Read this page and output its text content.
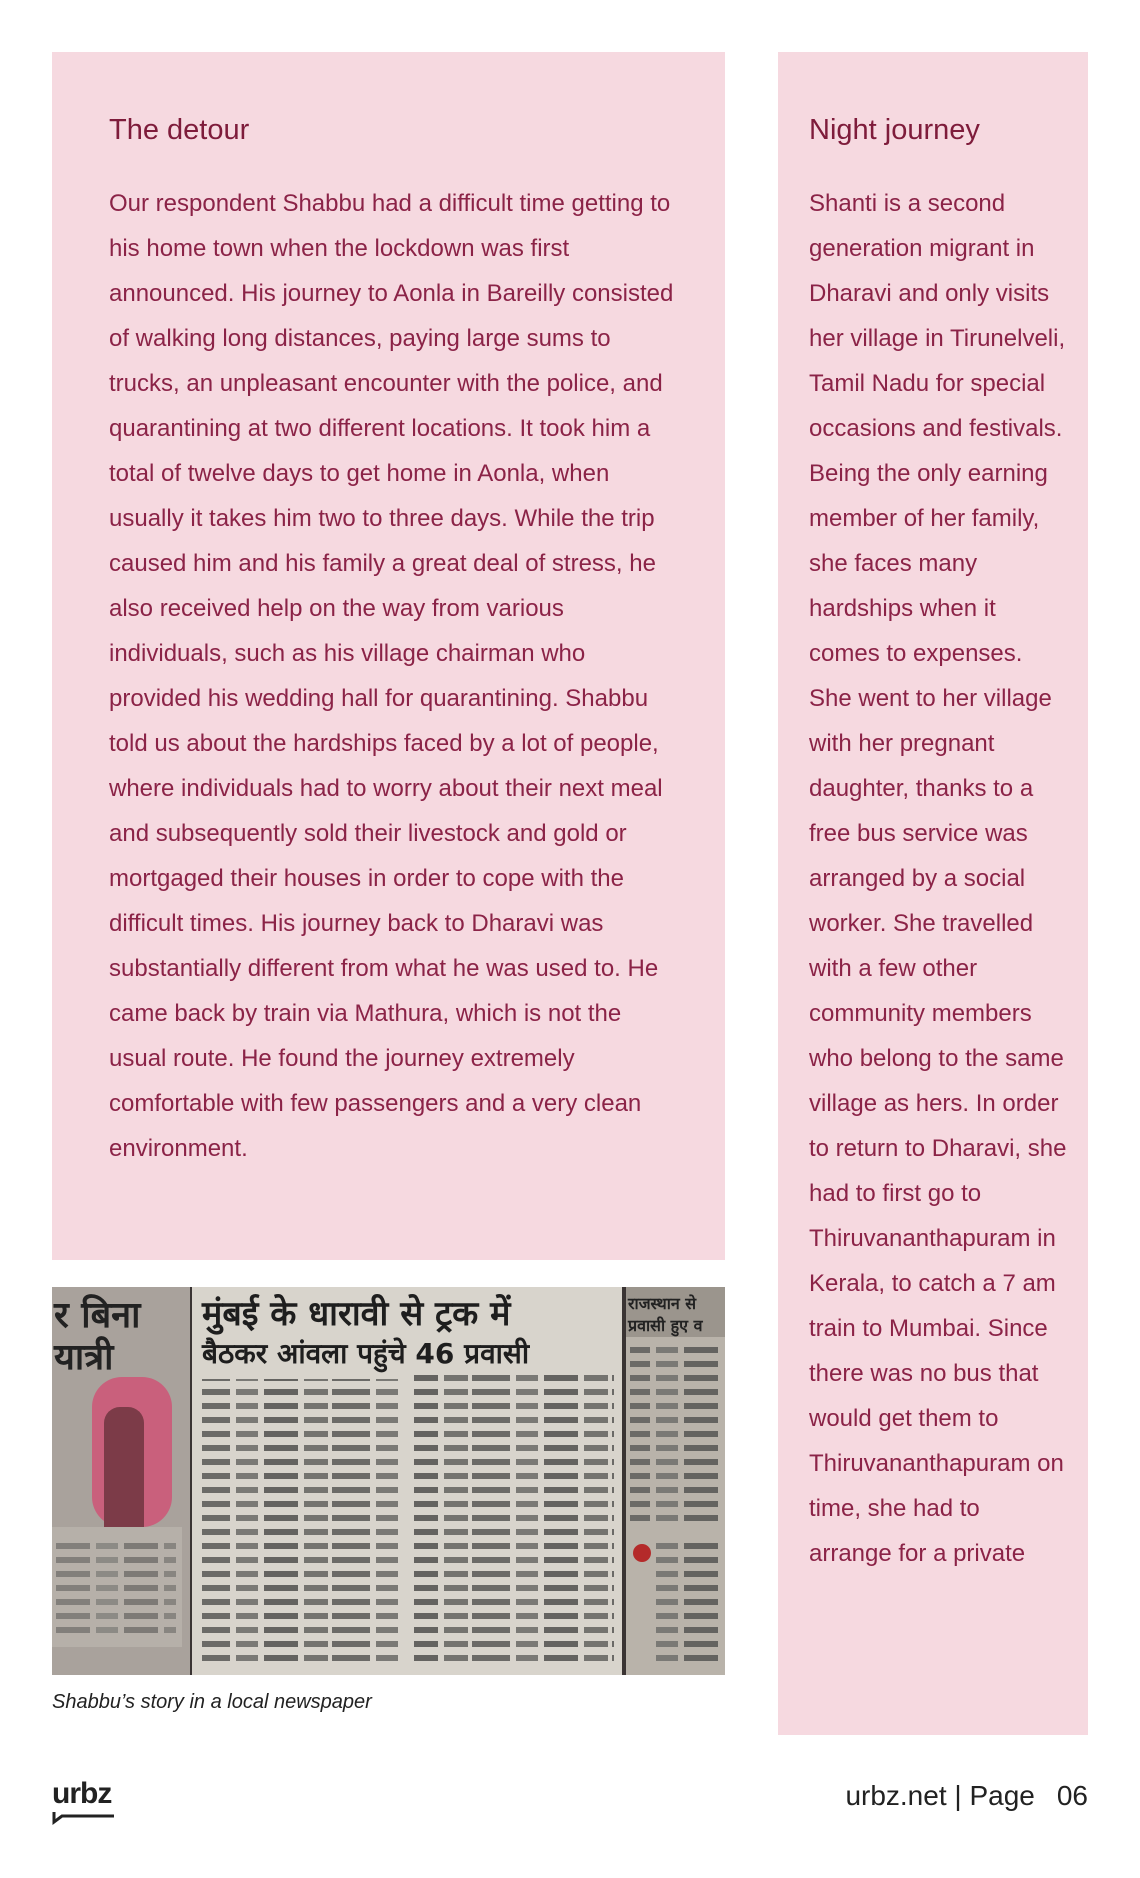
The detour

Our respondent Shabbu had a difficult time getting to his home town when the lockdown was first announced. His journey to Aonla in Bareilly consisted of walking long distances, paying large sums to trucks, an unpleasant encounter with the police, and quarantining at two different locations. It took him a total of twelve days to get home in Aonla, when usually it takes him two to three days. While the trip caused him and his family a great deal of stress, he also received help on the way from various individuals, such as his village chairman who provided his wedding hall for quarantining. Shabbu told us about the hardships faced by a lot of people, where individuals had to worry about their next meal and subsequently sold their livestock and gold or mortgaged their houses in order to cope with the difficult times. His journey back to Dharavi was substantially different from what he was used to. He came back by train via Mathura, which is not the usual route. He found the journey extremely comfortable with few passengers and a very clean environment.

Night journey

Shanti is a second generation migrant in Dharavi and only visits her village in Tirunelveli, Tamil Nadu for special occasions and festivals. Being the only earning member of her family, she faces many hardships when it comes to expenses. She went to her village with her pregnant daughter, thanks to a free bus service was arranged by a social worker. She travelled with a few other community members who belong to the same village as hers. In order to return to Dharavi, she had to first go to Thiruvananthapuram in Kerala, to catch a 7 am train to Mumbai. Since there was no bus that would get them to Thiruvananthapuram on time, she had to arrange for a private

र बिना
यात्री
मुंबई के धारावी से ट्रक में
बैठकर आंवला पहुंचे 46 प्रवासी
राजस्थान से
प्रवासी हुए व

Shabbu’s story in a local newspaper

urbz	urbz.net | Page 06
